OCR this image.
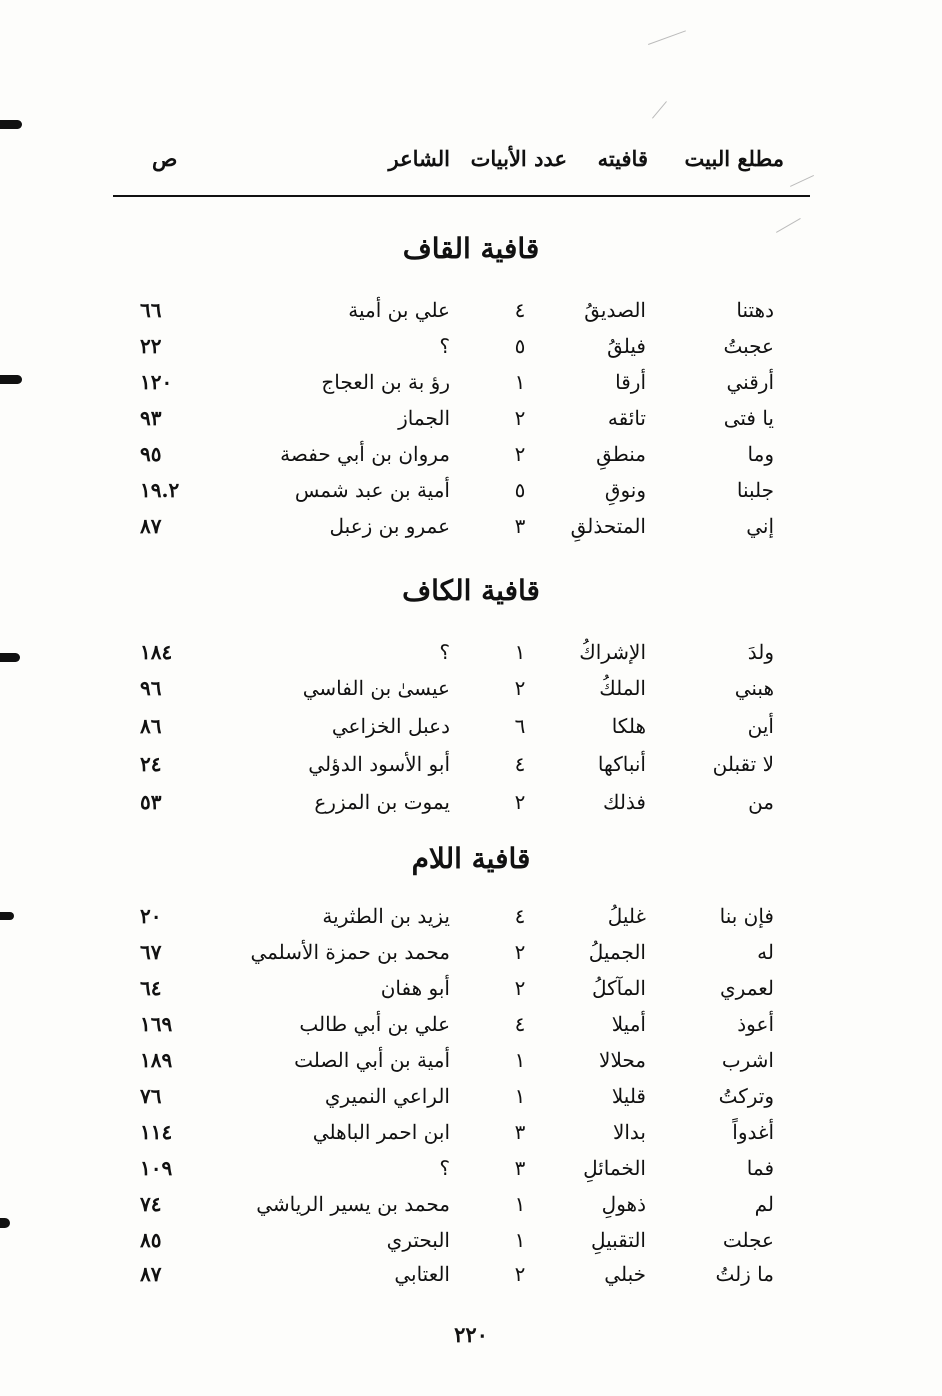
مطلع البيت
قافيته
عدد الأبيات
الشاعر
ص
قافية القاف
دهتنا
الصديقُ
٤
علي بن أمية
٦٦
عجبتُ
فيلقُ
٥
؟
٢٢
أرقني
أرقا
١
رؤ بة بن العجاج
١٢٠
يا فتى
تائقه
٢
الجماز
٩٣
وما
منطقِ
٢
مروان بن أبي حفصة
٩٥
جلبنا
ونوقِ
٥
أمية بن عبد شمس
١٩.٢
إني
المتحذلقِ
٣
عمرو بن زعبل
٨٧
قافية الكاف
ولدَ
الإشراكُ
١
؟
١٨٤
هبني
الملكُ
٢
عيسىٰ بن الفاسي
٩٦
أين
هلكا
٦
دعبل الخزاعي
٨٦
لا تقبلن
أنباكها
٤
أبو الأسود الدؤلي
٢٤
من
فذلك
٢
يموت بن المزرع
٥٣
قافية اللام
فإن بنا
غليلُ
٤
يزيد بن الطثرية
٢٠
له
الجميلُ
٢
محمد بن حمزة الأسلمي
٦٧
لعمري
المآكلُ
٢
أبو هفان
٦٤
أعوذ
أميلا
٤
علي بن أبي طالب
١٦٩
اشرب
محلالا
١
أمية بن أبي الصلت
١٨٩
وتركتُ
قليلا
١
الراعي النميري
٧٦
أغدواً
بدالا
٣
ابن احمر الباهلي
١١٤
فما
الخمائلِ
٣
؟
١٠٩
لم
ذهولِ
١
محمد بن يسير الرياشي
٧٤
عجلت
التقبيلِ
١
البحتري
٨٥
ما زلتُ
خبلي
٢
العتابي
٨٧
٢٢٠
